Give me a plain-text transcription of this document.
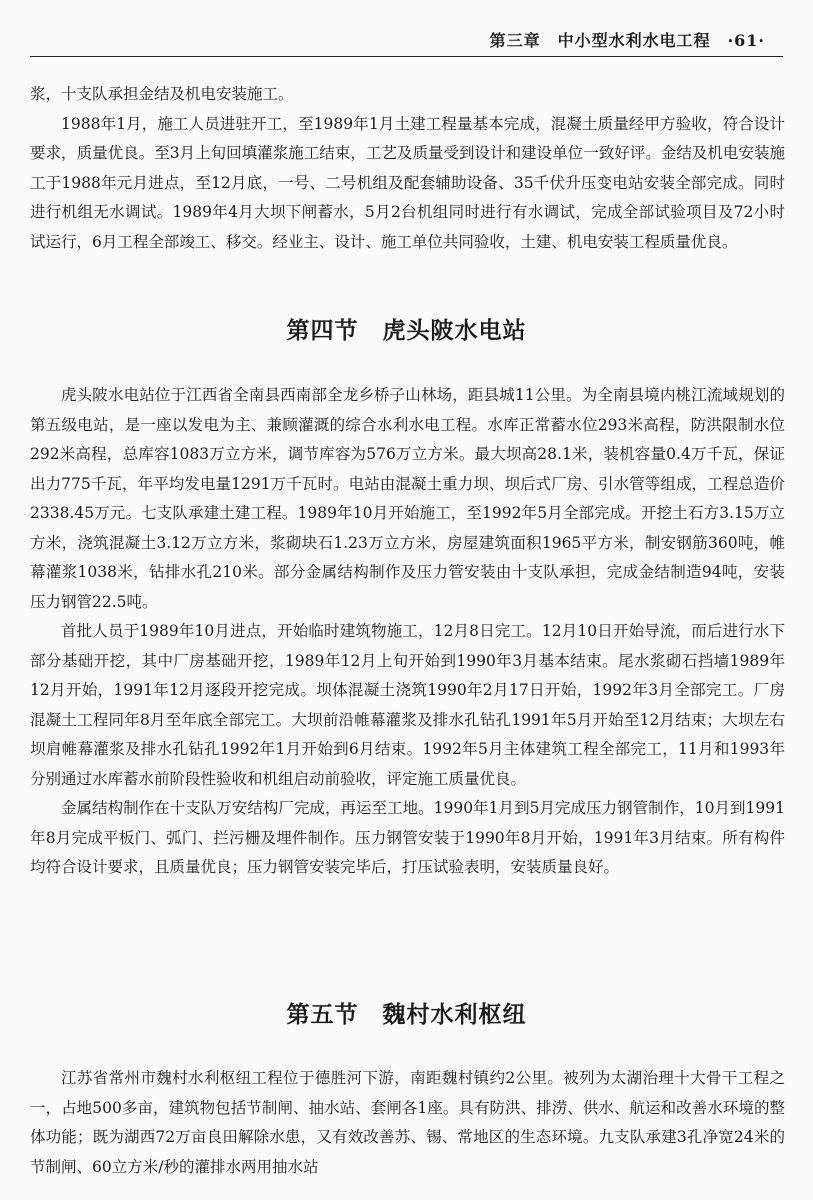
第三章　中小型水利水电工程　·61·

浆，十支队承担金结及机电安装施工。

1988年1月，施工人员进驻开工，至1989年1月土建工程量基本完成，混凝土质量经甲方验收，符合设计要求，质量优良。至3月上旬回填灌浆施工结束，工艺及质量受到设计和建设单位一致好评。金结及机电安装施工于1988年元月进点，至12月底，一号、二号机组及配套辅助设备、35千伏升压变电站安装全部完成。同时进行机组无水调试。1989年4月大坝下闸蓄水，5月2台机组同时进行有水调试，完成全部试验项目及72小时试运行，6月工程全部竣工、移交。经业主、设计、施工单位共同验收，土建、机电安装工程质量优良。

第四节　虎头陂水电站

虎头陂水电站位于江西省全南县西南部全龙乡桥子山林场，距县城11公里。为全南县境内桃江流域规划的第五级电站，是一座以发电为主、兼顾灌溉的综合水利水电工程。水库正常蓄水位293米高程，防洪限制水位292米高程，总库容1083万立方米，调节库容为576万立方米。最大坝高28.1米，装机容量0.4万千瓦，保证出力775千瓦，年平均发电量1291万千瓦时。电站由混凝土重力坝、坝后式厂房、引水管等组成，工程总造价2338.45万元。七支队承建土建工程。1989年10月开始施工，至1992年5月全部完成。开挖土石方3.15万立方米，浇筑混凝土3.12万立方米，浆砌块石1.23万立方米，房屋建筑面积1965平方米，制安钢筋360吨，帷幕灌浆1038米，钻排水孔210米。部分金属结构制作及压力管安装由十支队承担，完成金结制造94吨，安装压力钢管22.5吨。

首批人员于1989年10月进点，开始临时建筑物施工，12月8日完工。12月10日开始导流，而后进行水下部分基础开挖，其中厂房基础开挖，1989年12月上旬开始到1990年3月基本结束。尾水浆砌石挡墙1989年12月开始，1991年12月逐段开挖完成。坝体混凝土浇筑1990年2月17日开始，1992年3月全部完工。厂房混凝土工程同年8月至年底全部完工。大坝前沿帷幕灌浆及排水孔钻孔1991年5月开始至12月结束；大坝左右坝肩帷幕灌浆及排水孔钻孔1992年1月开始到6月结束。1992年5月主体建筑工程全部完工，11月和1993年分别通过水库蓄水前阶段性验收和机组启动前验收，评定施工质量优良。

金属结构制作在十支队万安结构厂完成，再运至工地。1990年1月到5月完成压力钢管制作，10月到1991年8月完成平板门、弧门、拦污栅及埋件制作。压力钢管安装于1990年8月开始，1991年3月结束。所有构件均符合设计要求，且质量优良；压力钢管安装完毕后，打压试验表明，安装质量良好。

第五节　魏村水利枢纽

江苏省常州市魏村水利枢纽工程位于德胜河下游，南距魏村镇约2公里。被列为太湖治理十大骨干工程之一，占地500多亩，建筑物包括节制闸、抽水站、套闸各1座。具有防洪、排涝、供水、航运和改善水环境的整体功能；既为湖西72万亩良田解除水患，又有效改善苏、锡、常地区的生态环境。九支队承建3孔净宽24米的节制闸、60立方米/秒的灌排水两用抽水站
